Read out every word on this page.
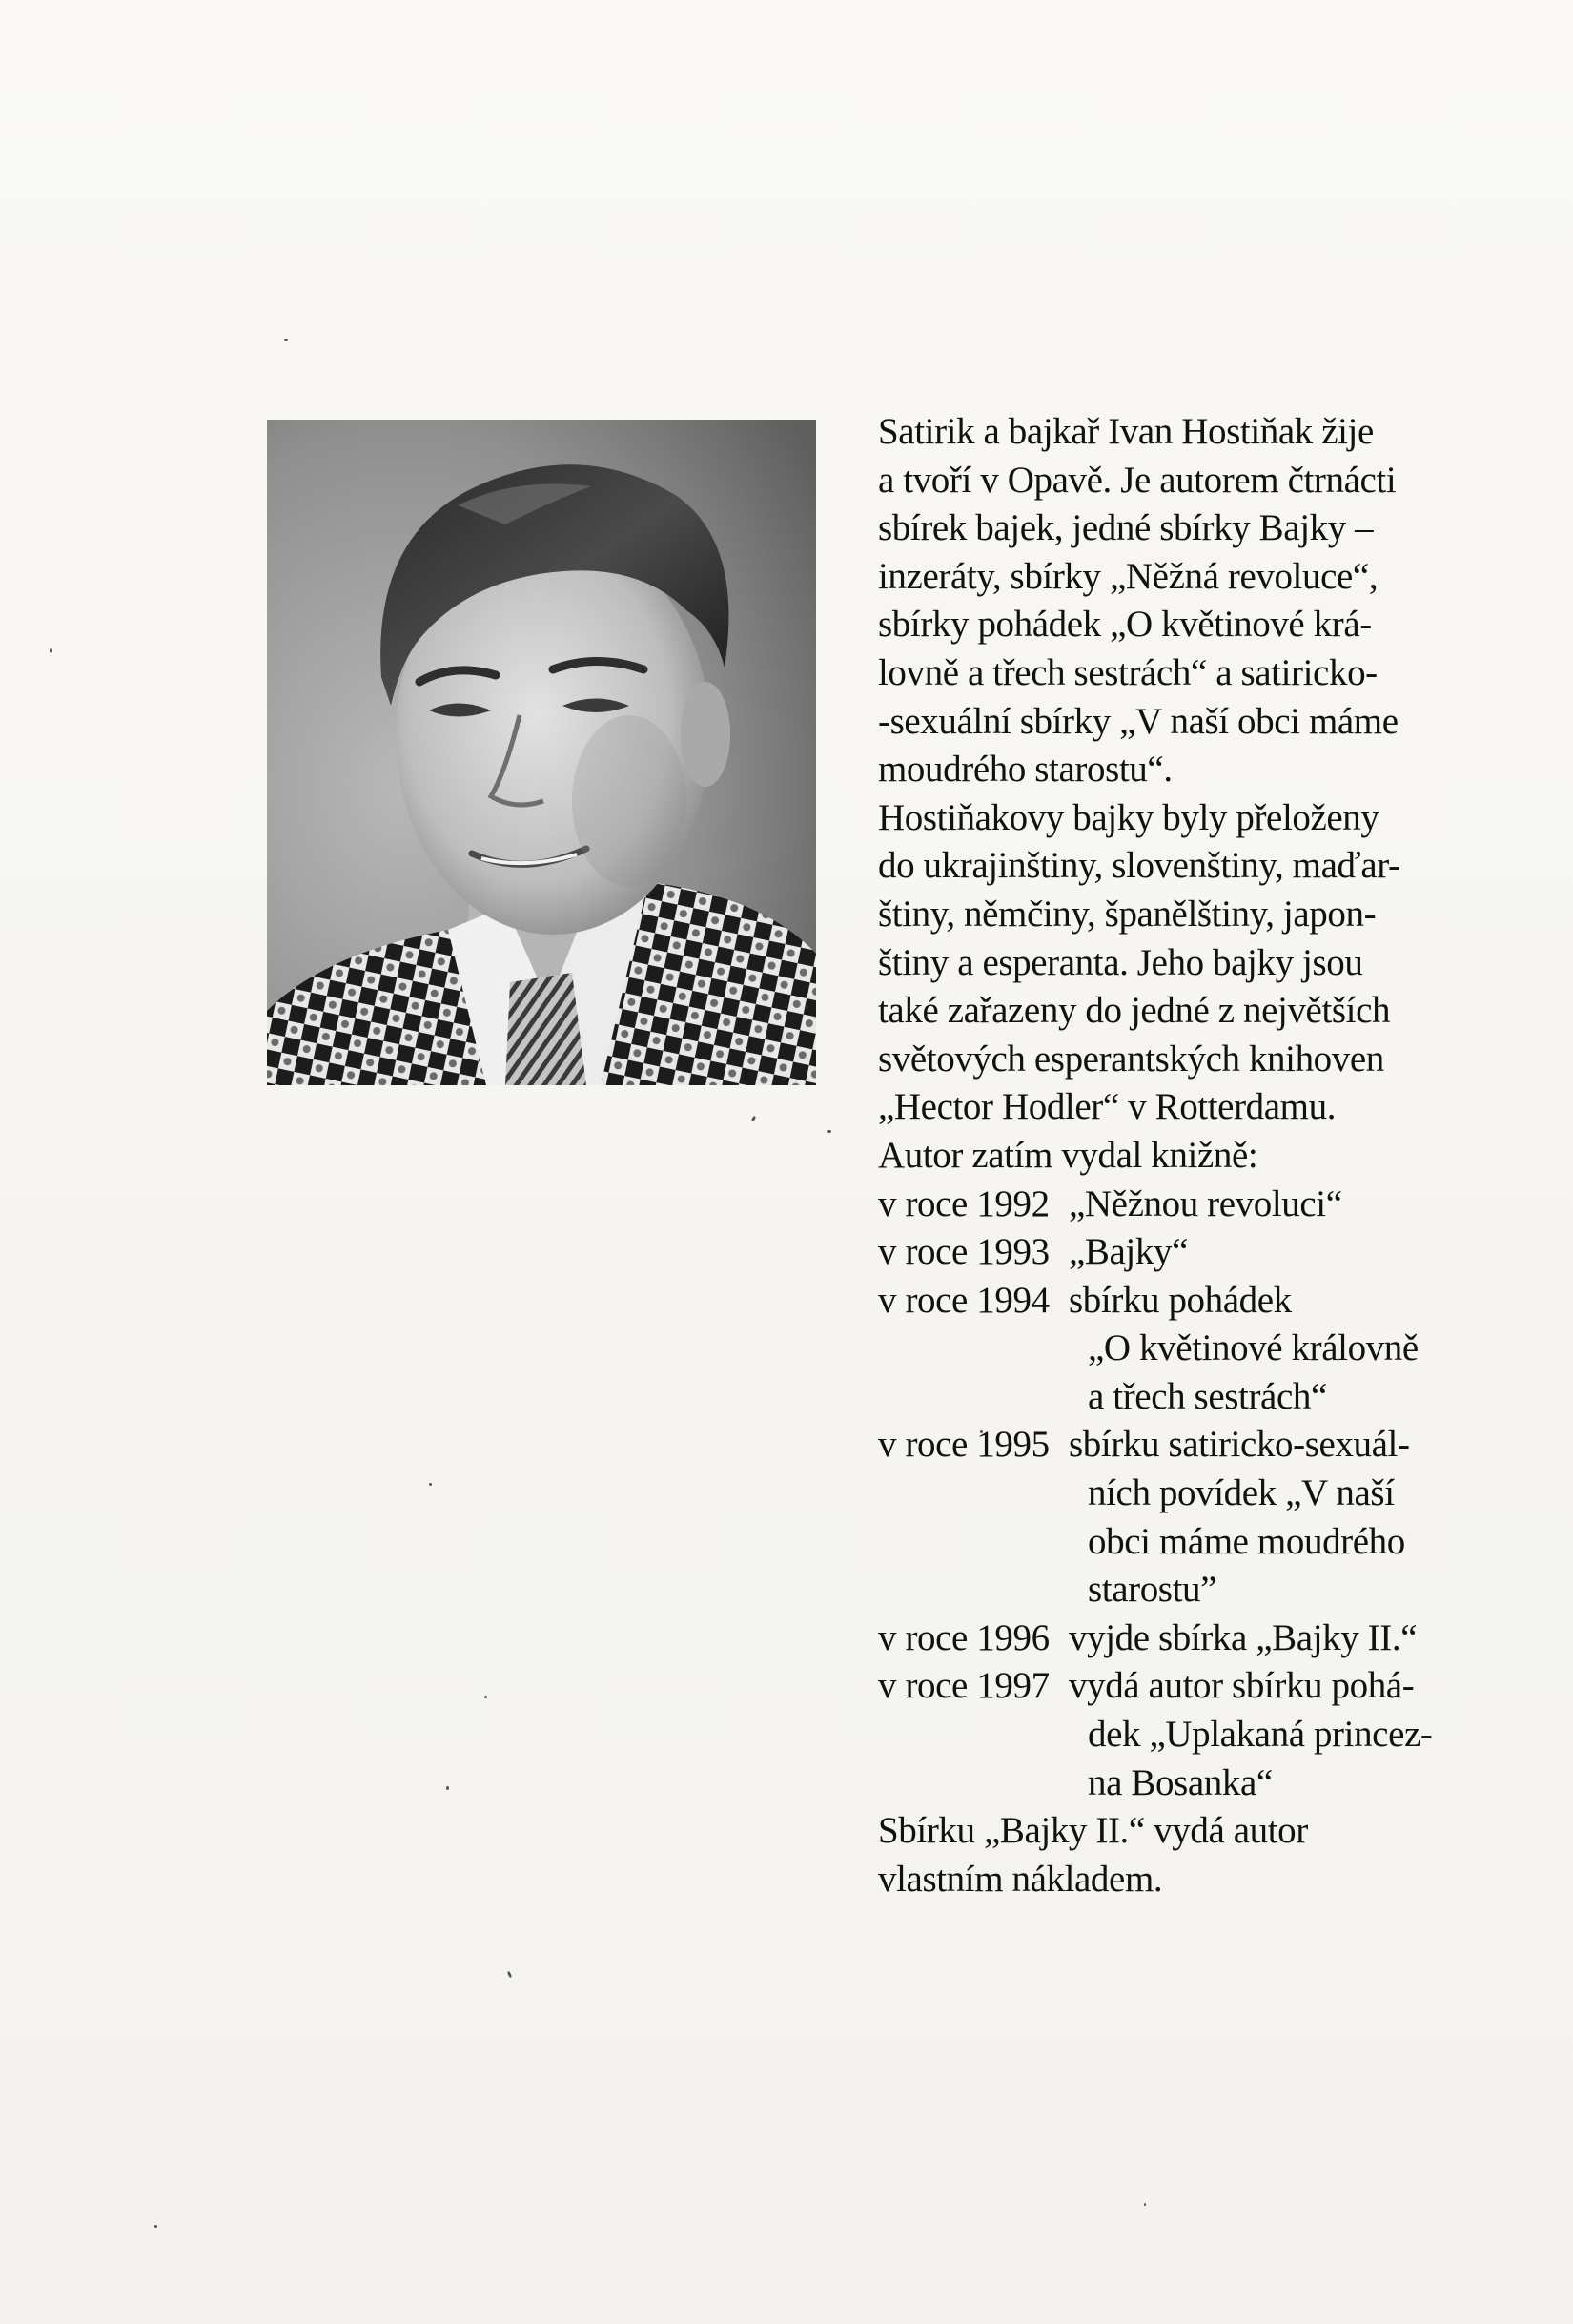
Satirik a bajkař Ivan Hostiňak žije
a tvoří v Opavě. Je autorem čtrnácti
sbírek bajek, jedné sbírky Bajky –
inzeráty, sbírky „Něžná revoluce“,
sbírky pohádek „O květinové krá-
lovně a třech sestrách“ a satiricko-
-sexuální sbírky „V naší obci máme
moudrého starostu“.
Hostiňakovy bajky byly přeloženy
do ukrajinštiny, slovenštiny, maďar-
štiny, němčiny, španělštiny, japon-
štiny a esperanta. Jeho bajky jsou
také zařazeny do jedné z největších
světových esperantských knihoven
„Hector Hodler“ v Rotterdamu.
Autor zatím vydal knižně:
v roce 1992 „Něžnou revoluci“
v roce 1993 „Bajky“
v roce 1994 sbírku pohádek
„O květinové královně
a třech sestrách“
v roce 1995 sbírku satiricko-sexuál-
ních povídek „V naší
obci máme moudrého
starostu”
v roce 1996 vyjde sbírka „Bajky II.“
v roce 1997 vydá autor sbírku pohá-
dek „Uplakaná princez-
na Bosanka“
Sbírku „Bajky II.“ vydá autor
vlastním nákladem.
